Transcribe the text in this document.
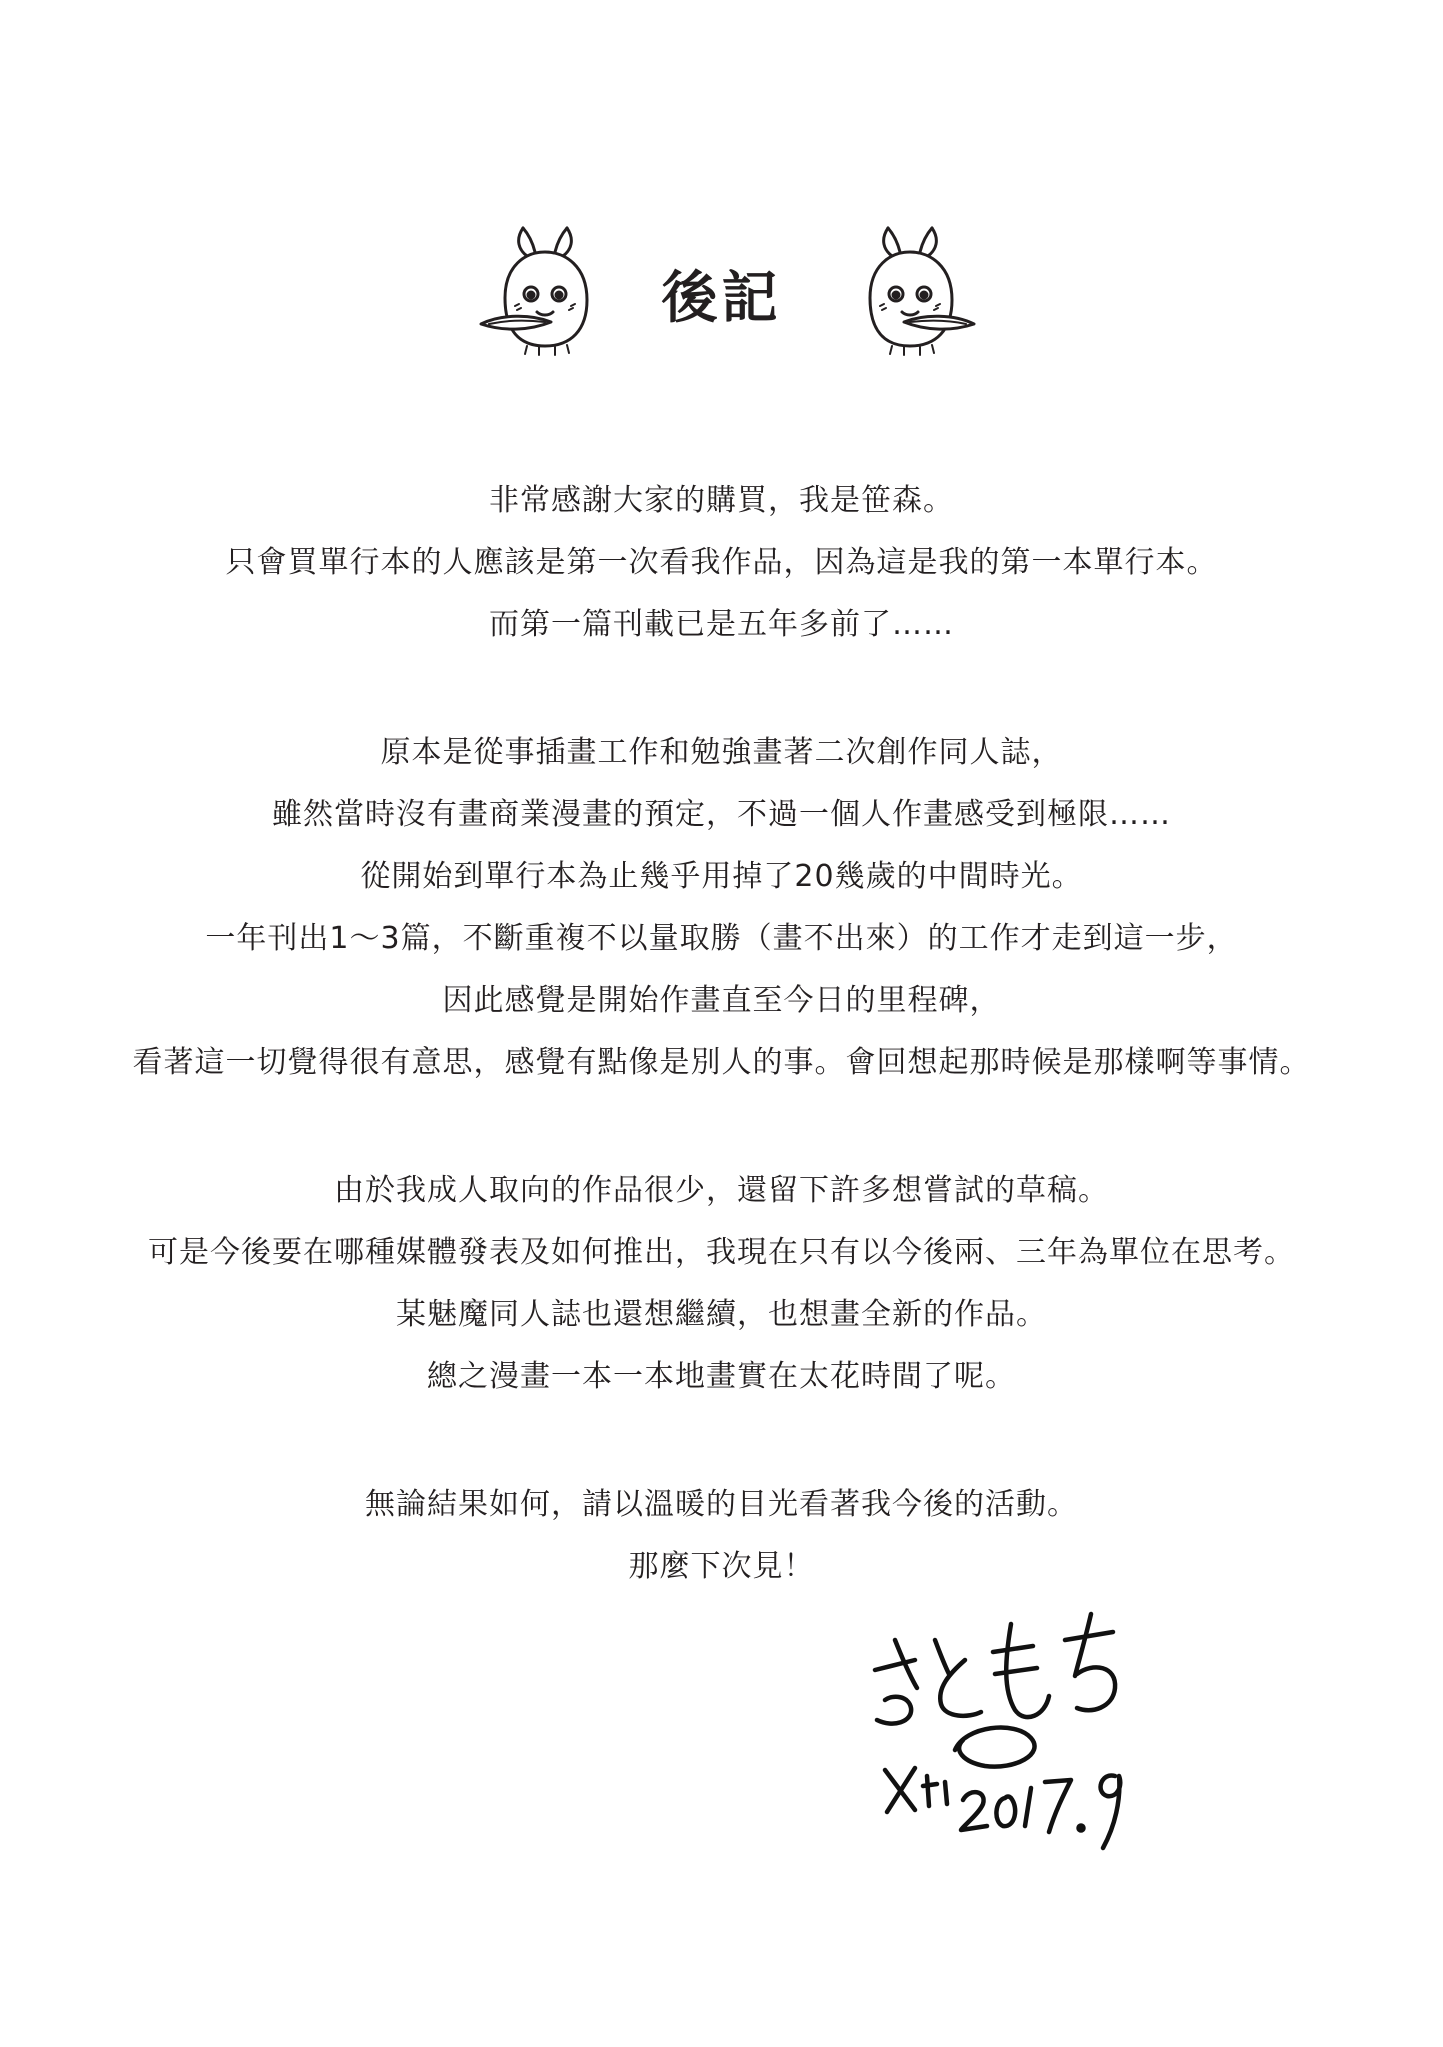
後記
非常感謝大家的購買，我是笹森。
只會買單行本的人應該是第一次看我作品，因為這是我的第一本單行本。
而第一篇刊載已是五年多前了……
原本是從事插畫工作和勉強畫著二次創作同人誌，
雖然當時沒有畫商業漫畫的預定，不過一個人作畫感受到極限……
從開始到單行本為止幾乎用掉了20幾歲的中間時光。
一年刊出1～3篇，不斷重複不以量取勝（畫不出來）的工作才走到這一步，
因此感覺是開始作畫直至今日的里程碑，
看著這一切覺得很有意思，感覺有點像是別人的事。會回想起那時候是那樣啊等事情。
由於我成人取向的作品很少，還留下許多想嘗試的草稿。
可是今後要在哪種媒體發表及如何推出，我現在只有以今後兩、三年為單位在思考。
某魅魔同人誌也還想繼續，也想畫全新的作品。
總之漫畫一本一本地畫實在太花時間了呢。
無論結果如何，請以溫暖的目光看著我今後的活動。
那麼下次見！
